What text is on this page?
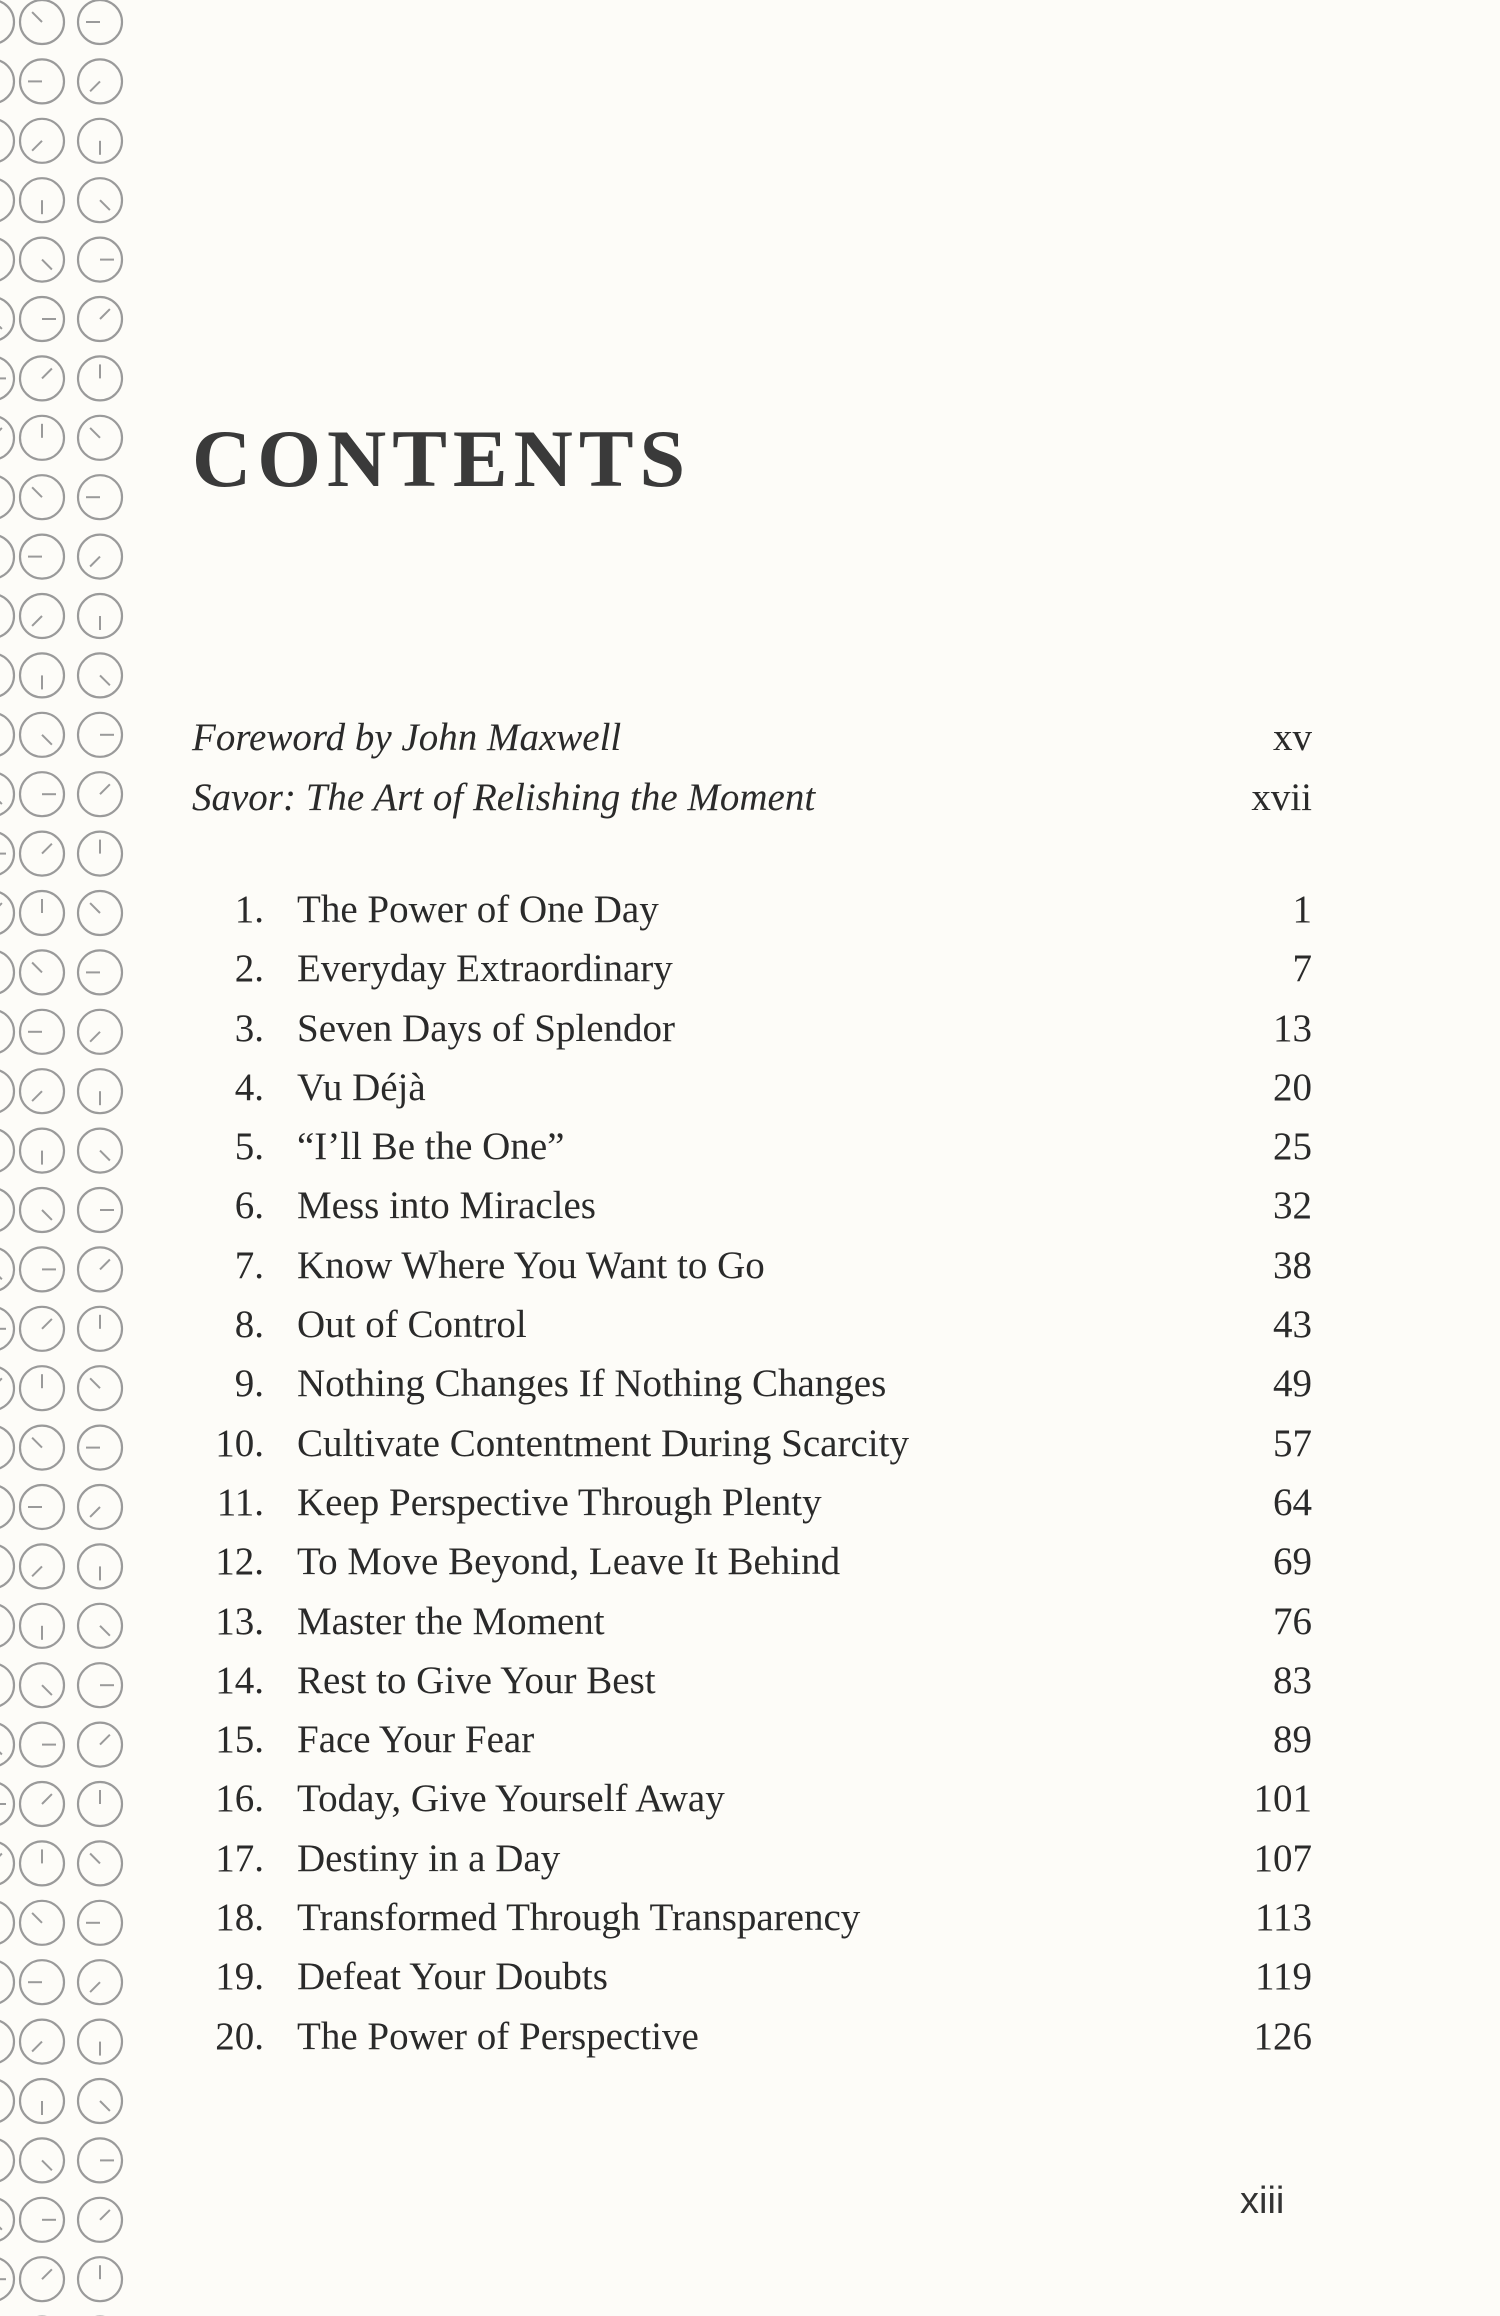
CONTENTS
Foreword by John Maxwell	xv
Savor: The Art of Relishing the Moment	xvii
1. The Power of One Day	1
2. Everyday Extraordinary	7
3. Seven Days of Splendor	13
4. Vu Déjà	20
5. “I’ll Be the One”	25
6. Mess into Miracles	32
7. Know Where You Want to Go	38
8. Out of Control	43
9. Nothing Changes If Nothing Changes	49
10. Cultivate Contentment During Scarcity	57
11. Keep Perspective Through Plenty	64
12. To Move Beyond, Leave It Behind	69
13. Master the Moment	76
14. Rest to Give Your Best	83
15. Face Your Fear	89
16. Today, Give Yourself Away	101
17. Destiny in a Day	107
18. Transformed Through Transparency	113
19. Defeat Your Doubts	119
20. The Power of Perspective	126
xiii
